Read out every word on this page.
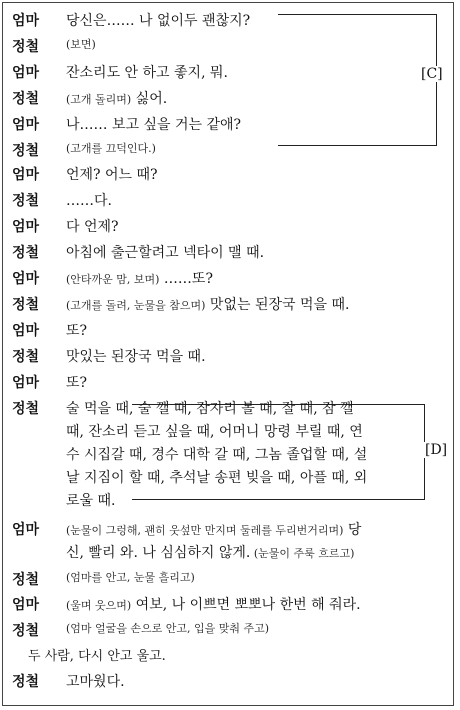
엄마 당신은…… 나 없이두 괜찮지?
정철 (보면)
엄마 잔소리도 안 하고 좋지, 뭐.
정철 (고개 돌리며) 싫어.
엄마 나…… 보고 싶을 거는 같애?
정철 (고개를 끄덕인다.)
엄마 언제? 어느 때?
정철 ……다.
엄마 다 언제?
정철 아침에 출근할려고 넥타이 맬 때.
엄마 (안타까운 맘, 보며) ……또?
정철 (고개를 돌려, 눈물을 참으며) 맛없는 된장국 먹을 때.
엄마 또?
정철 맛있는 된장국 먹을 때.
엄마 또?
[C]
[D]
정철 술 먹을 때, 술 깰 때, 잠자리 볼 때, 잘 때, 잠 깰
때, 잔소리 듣고 싶을 때, 어머니 망령 부릴 때, 연
수 시집갈 때, 경수 대학 갈 때, 그놈 졸업할 때, 설
날 지짐이 할 때, 추석날 송편 빚을 때, 아플 때, 외
로울 때.
엄마 (눈물이 그렁해, 괜히 웃섶만 만지며 둘레를 두리번거리며) 당
신, 빨리 와. 나 심심하지 않게. (눈물이 주룩 흐르고)
정철 (엄마를 안고, 눈물 흘리고)
엄마 (울며 웃으며) 여보, 나 이쁘면 뽀뽀나 한번 해 줘라.
정철 (엄마 얼굴을 손으로 안고, 입을 맞춰 주고)
두 사람, 다시 안고 울고.
정철 고마웠다.
